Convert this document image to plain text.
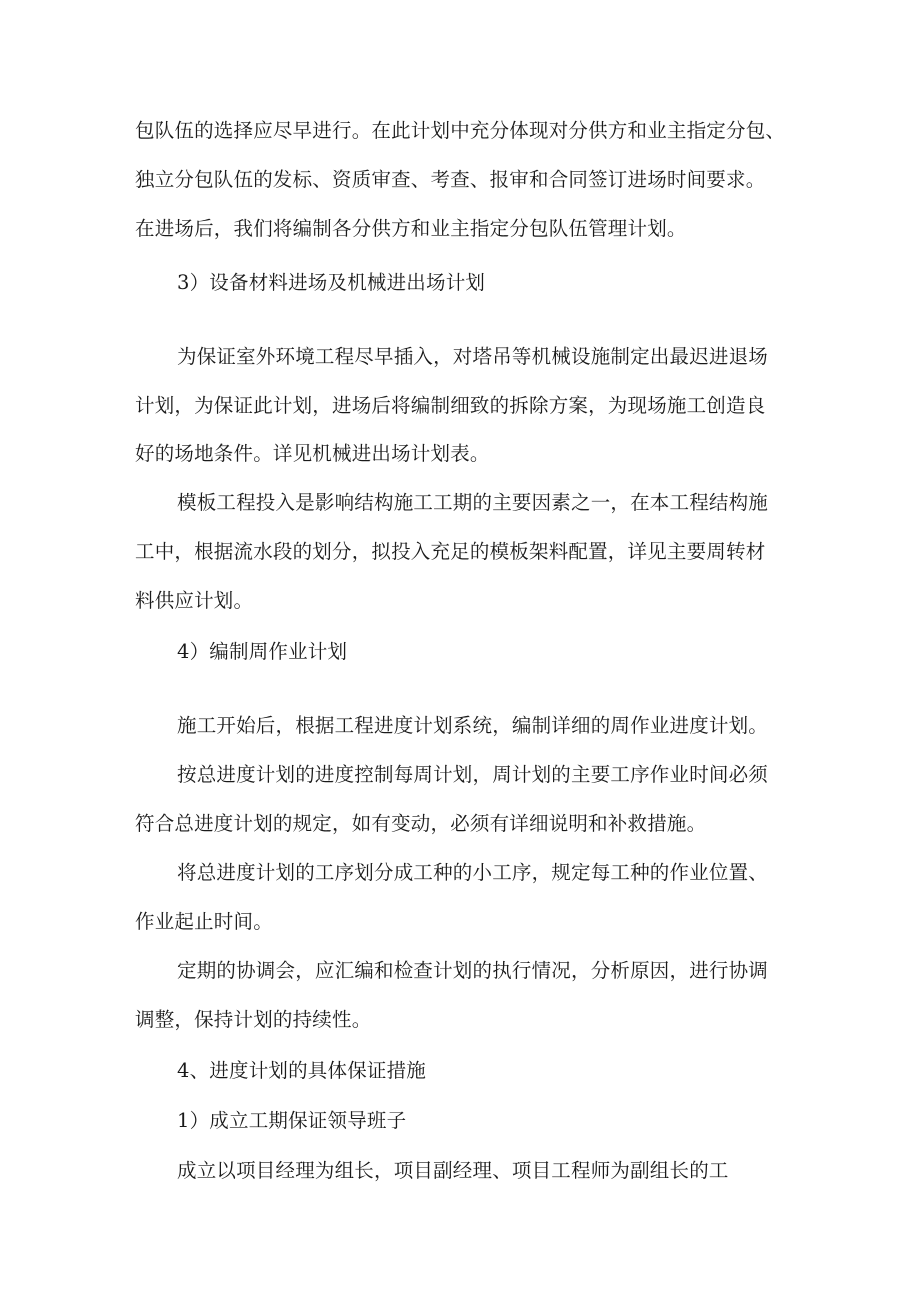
包队伍的选择应尽早进行。在此计划中充分体现对分供方和业主指定分包、

独立分包队伍的发标、资质审查、考查、报审和合同签订进场时间要求。

在进场后，我们将编制各分供方和业主指定分包队伍管理计划。

3）设备材料进场及机械进出场计划

为保证室外环境工程尽早插入，对塔吊等机械设施制定出最迟进退场

计划，为保证此计划，进场后将编制细致的拆除方案，为现场施工创造良

好的场地条件。详见机械进出场计划表。

模板工程投入是影响结构施工工期的主要因素之一，在本工程结构施

工中，根据流水段的划分，拟投入充足的模板架料配置，详见主要周转材

料供应计划。

4）编制周作业计划

施工开始后，根据工程进度计划系统，编制详细的周作业进度计划。

按总进度计划的进度控制每周计划，周计划的主要工序作业时间必须

符合总进度计划的规定，如有变动，必须有详细说明和补救措施。

将总进度计划的工序划分成工种的小工序，规定每工种的作业位置、

作业起止时间。

定期的协调会，应汇编和检查计划的执行情况，分析原因，进行协调

调整，保持计划的持续性。

4、进度计划的具体保证措施

1）成立工期保证领导班子

成立以项目经理为组长，项目副经理、项目工程师为副组长的工
